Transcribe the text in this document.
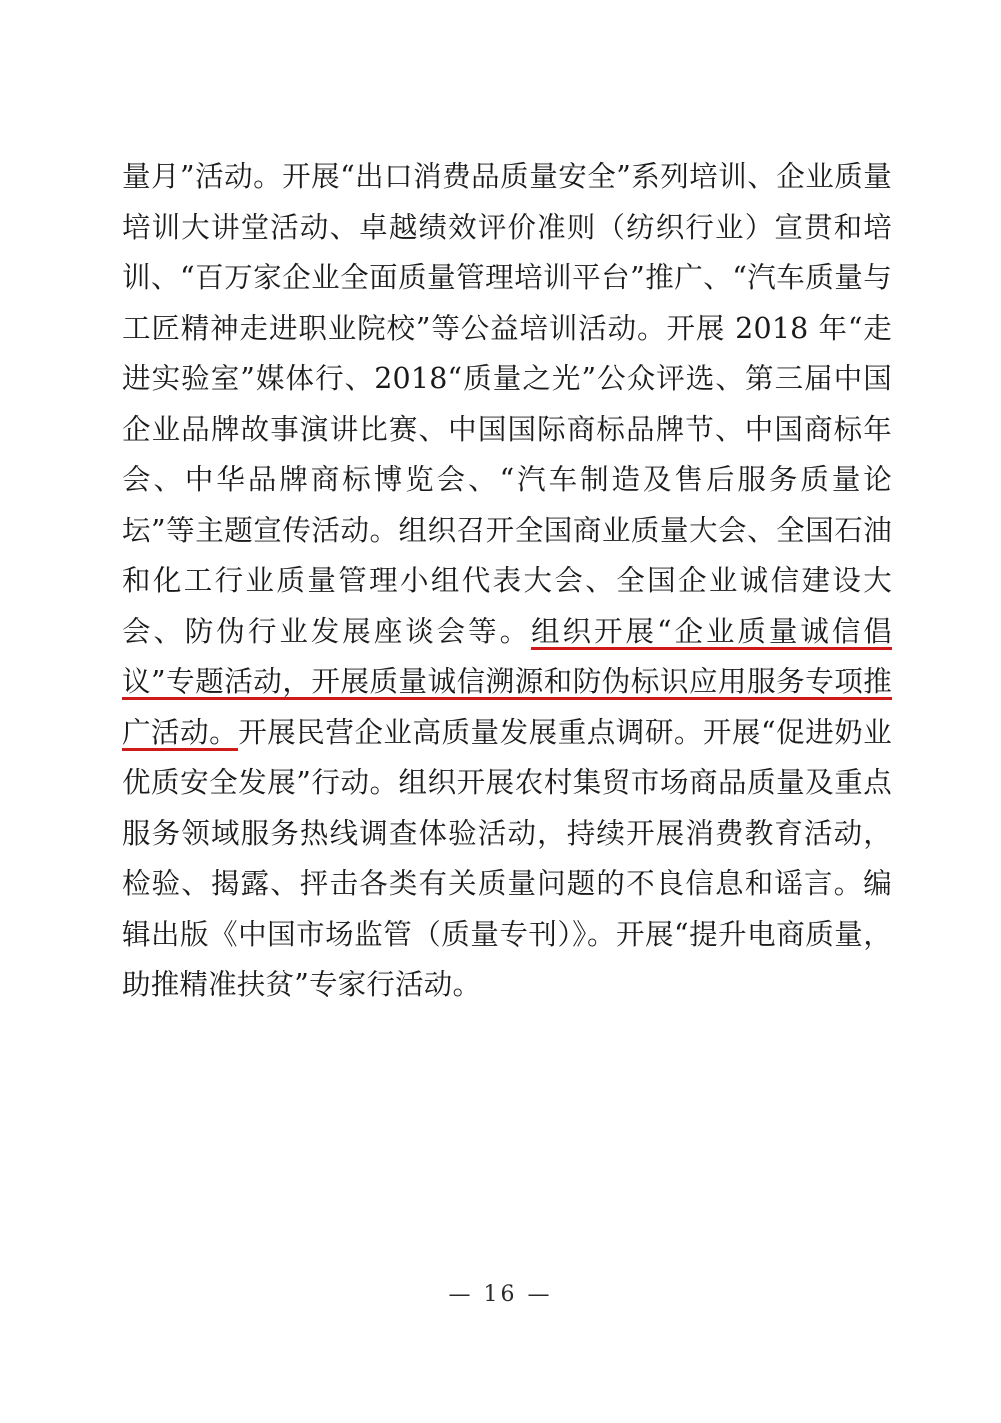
量月”活动。开展“出口消费品质量安全”系列培训、企业质量培训大讲堂活动、卓越绩效评价准则（纺织行业）宣贯和培训、“百万家企业全面质量管理培训平台”推广、“汽车质量与工匠精神走进职业院校”等公益培训活动。开展 2018 年“走进实验室”媒体行、2018“质量之光”公众评选、第三届中国企业品牌故事演讲比赛、中国国际商标品牌节、中国商标年会、中华品牌商标博览会、“汽车制造及售后服务质量论坛”等主题宣传活动。组织召开全国商业质量大会、全国石油和化工行业质量管理小组代表大会、全国企业诚信建设大会、防伪行业发展座谈会等。组织开展“企业质量诚信倡议”专题活动，开展质量诚信溯源和防伪标识应用服务专项推广活动。开展民营企业高质量发展重点调研。开展“促进奶业优质安全发展”行动。组织开展农村集贸市场商品质量及重点服务领域服务热线调查体验活动，持续开展消费教育活动，检验、揭露、抨击各类有关质量问题的不良信息和谣言。编辑出版《中国市场监管（质量专刊）》。开展“提升电商质量，助推精准扶贫”专家行活动。

— 16 —
